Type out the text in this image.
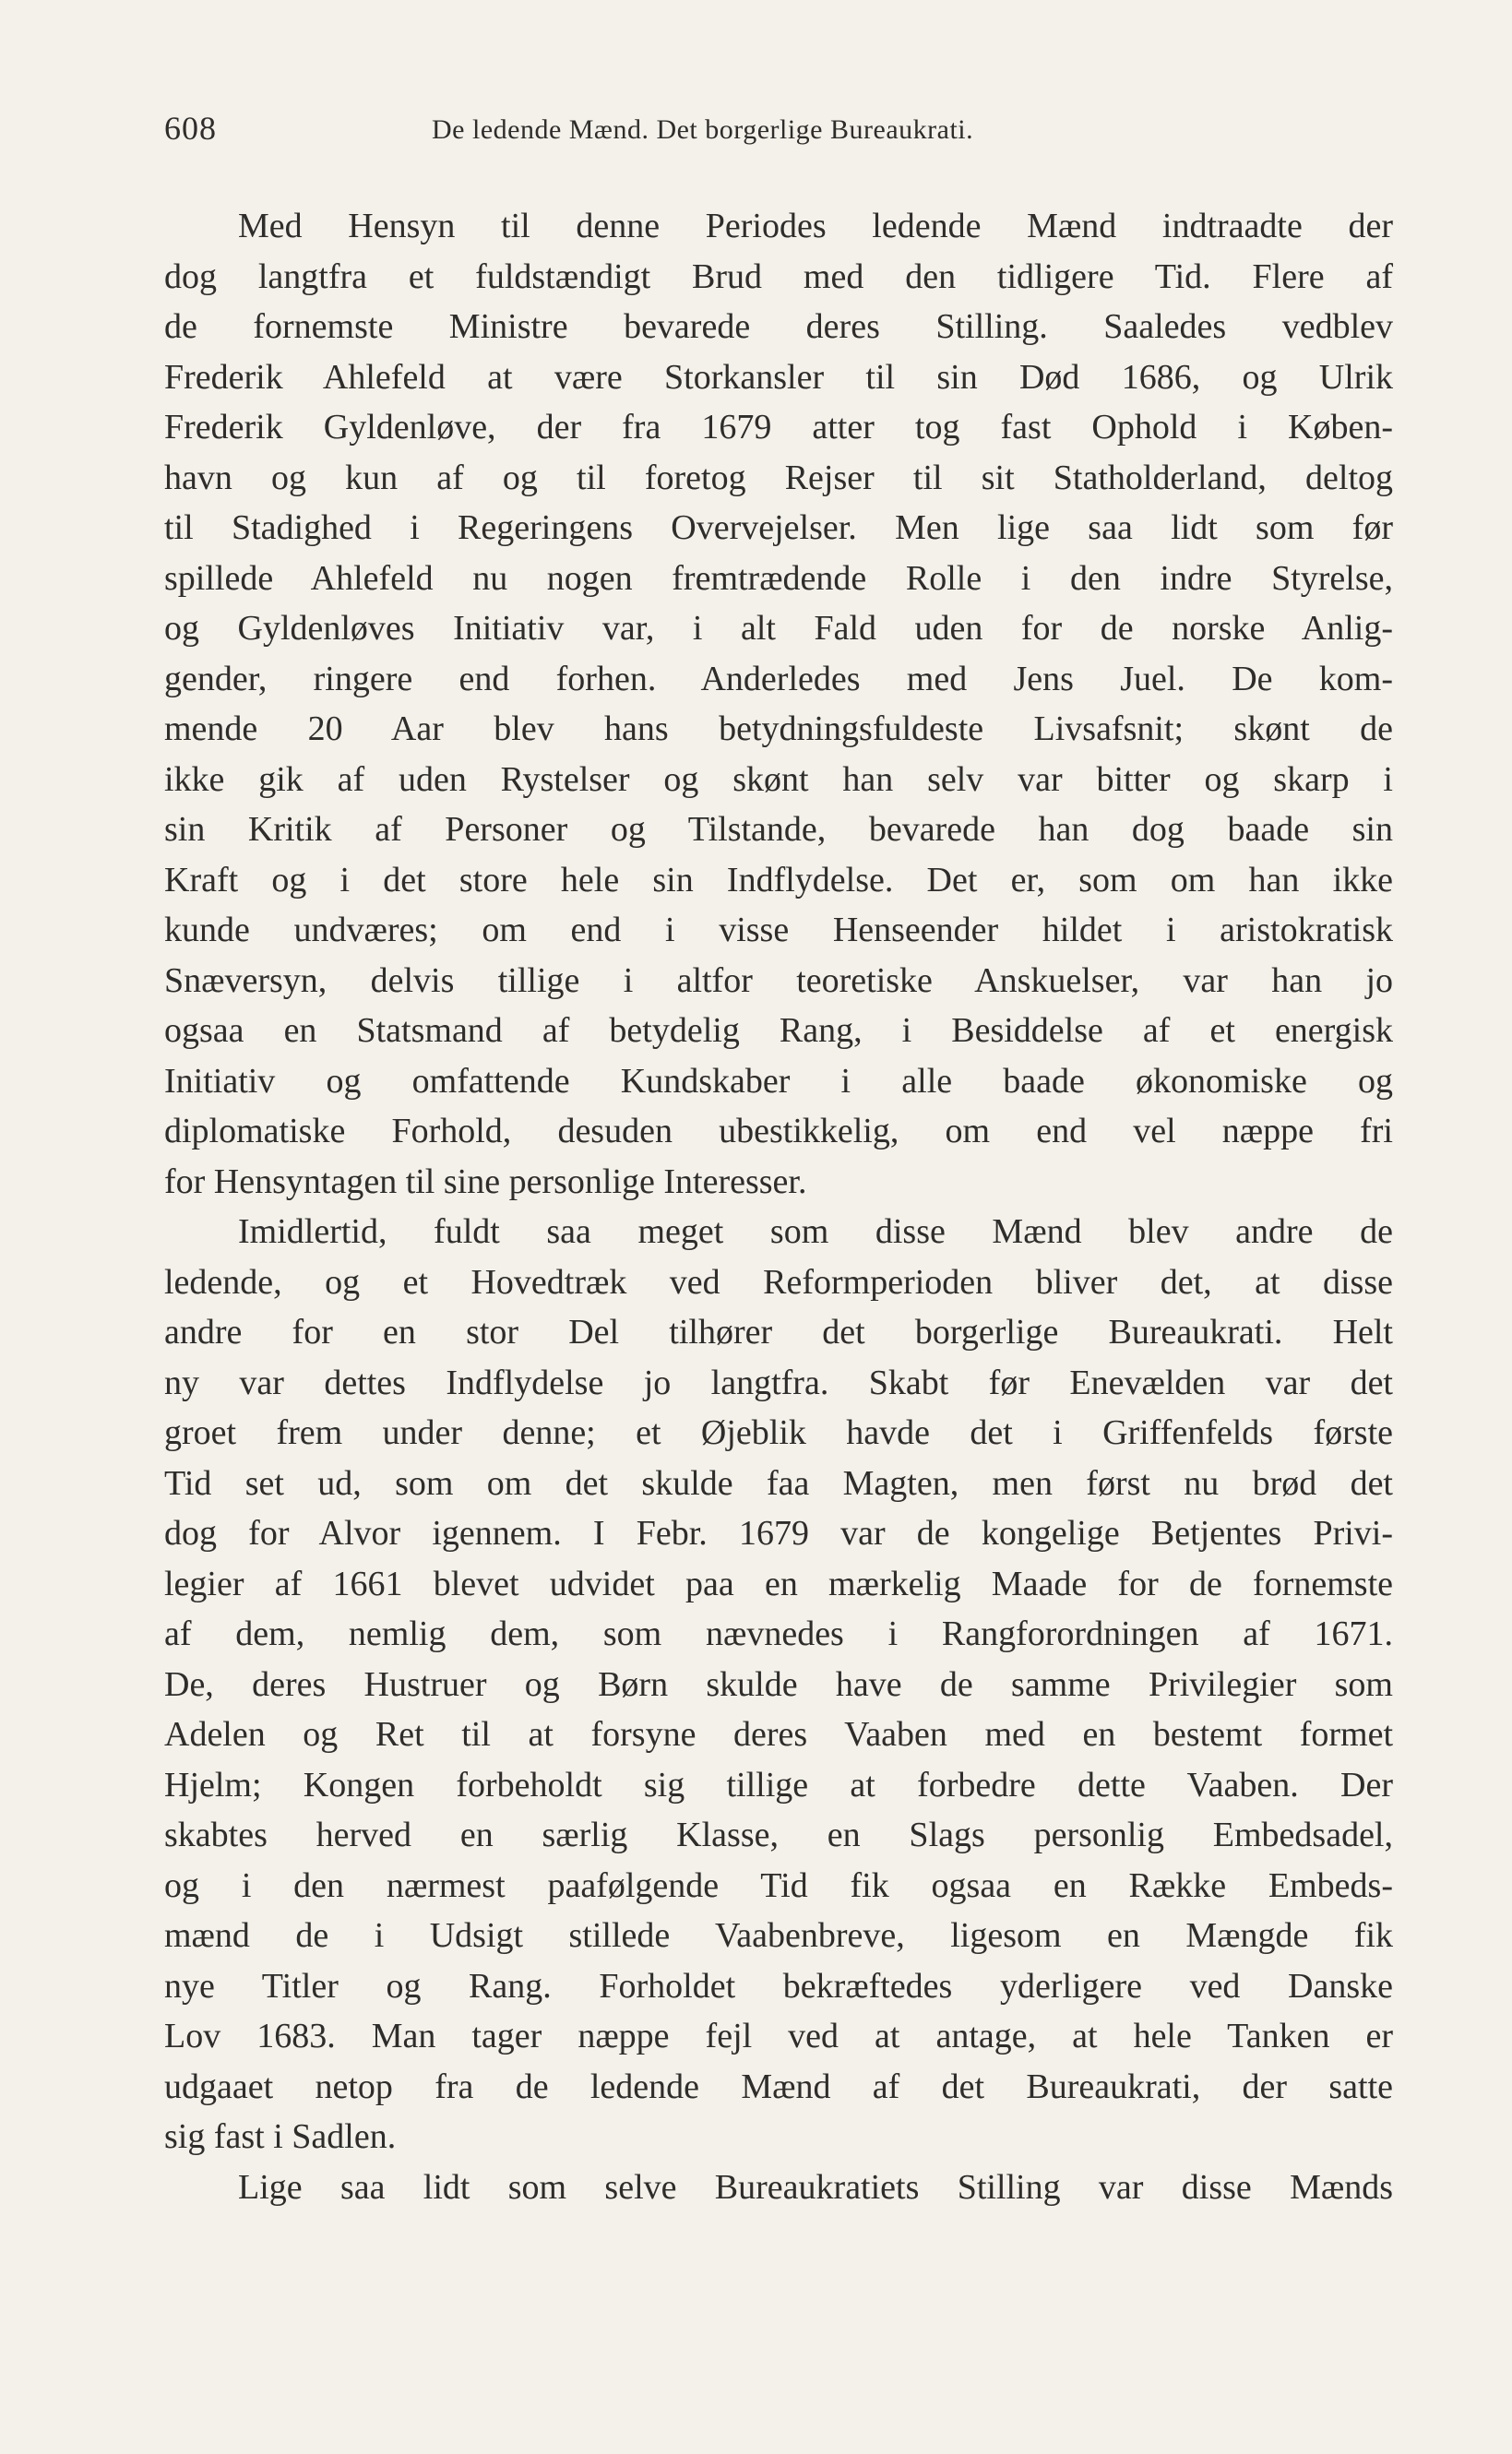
608	De ledende Mænd. Det borgerlige Bureaukrati.
Med Hensyn til denne Periodes ledende Mænd indtraadte der
dog langtfra et fuldstændigt Brud med den tidligere Tid. Flere af
de fornemste Ministre bevarede deres Stilling. Saaledes vedblev
Frederik Ahlefeld at være Storkansler til sin Død 1686, og Ulrik
Frederik Gyldenløve, der fra 1679 atter tog fast Ophold i Køben-
havn og kun af og til foretog Rejser til sit Statholderland, deltog
til Stadighed i Regeringens Overvejelser. Men lige saa lidt som før
spillede Ahlefeld nu nogen fremtrædende Rolle i den indre Styrelse,
og Gyldenløves Initiativ var, i alt Fald uden for de norske Anlig-
gender, ringere end forhen. Anderledes med Jens Juel. De kom-
mende 20 Aar blev hans betydningsfuldeste Livsafsnit; skønt de
ikke gik af uden Rystelser og skønt han selv var bitter og skarp i
sin Kritik af Personer og Tilstande, bevarede han dog baade sin
Kraft og i det store hele sin Indflydelse. Det er, som om han ikke
kunde undværes; om end i visse Henseender hildet i aristokratisk
Snæversyn, delvis tillige i altfor teoretiske Anskuelser, var han jo
ogsaa en Statsmand af betydelig Rang, i Besiddelse af et energisk
Initiativ og omfattende Kundskaber i alle baade økonomiske og
diplomatiske Forhold, desuden ubestikkelig, om end vel næppe fri
for Hensyntagen til sine personlige Interesser.
Imidlertid, fuldt saa meget som disse Mænd blev andre de
ledende, og et Hovedtræk ved Reformperioden bliver det, at disse
andre for en stor Del tilhører det borgerlige Bureaukrati. Helt
ny var dettes Indflydelse jo langtfra. Skabt før Enevælden var det
groet frem under denne; et Øjeblik havde det i Griffenfelds første
Tid set ud, som om det skulde faa Magten, men først nu brød det
dog for Alvor igennem. I Febr. 1679 var de kongelige Betjentes Privi-
legier af 1661 blevet udvidet paa en mærkelig Maade for de fornemste
af dem, nemlig dem, som nævnedes i Rangforordningen af 1671.
De, deres Hustruer og Børn skulde have de samme Privilegier som
Adelen og Ret til at forsyne deres Vaaben med en bestemt formet
Hjelm; Kongen forbeholdt sig tillige at forbedre dette Vaaben. Der
skabtes herved en særlig Klasse, en Slags personlig Embedsadel,
og i den nærmest paafølgende Tid fik ogsaa en Række Embeds-
mænd de i Udsigt stillede Vaabenbreve, ligesom en Mængde fik
nye Titler og Rang. Forholdet bekræftedes yderligere ved Danske
Lov 1683. Man tager næppe fejl ved at antage, at hele Tanken er
udgaaet netop fra de ledende Mænd af det Bureaukrati, der satte
sig fast i Sadlen.
Lige saa lidt som selve Bureaukratiets Stilling var disse Mænds
